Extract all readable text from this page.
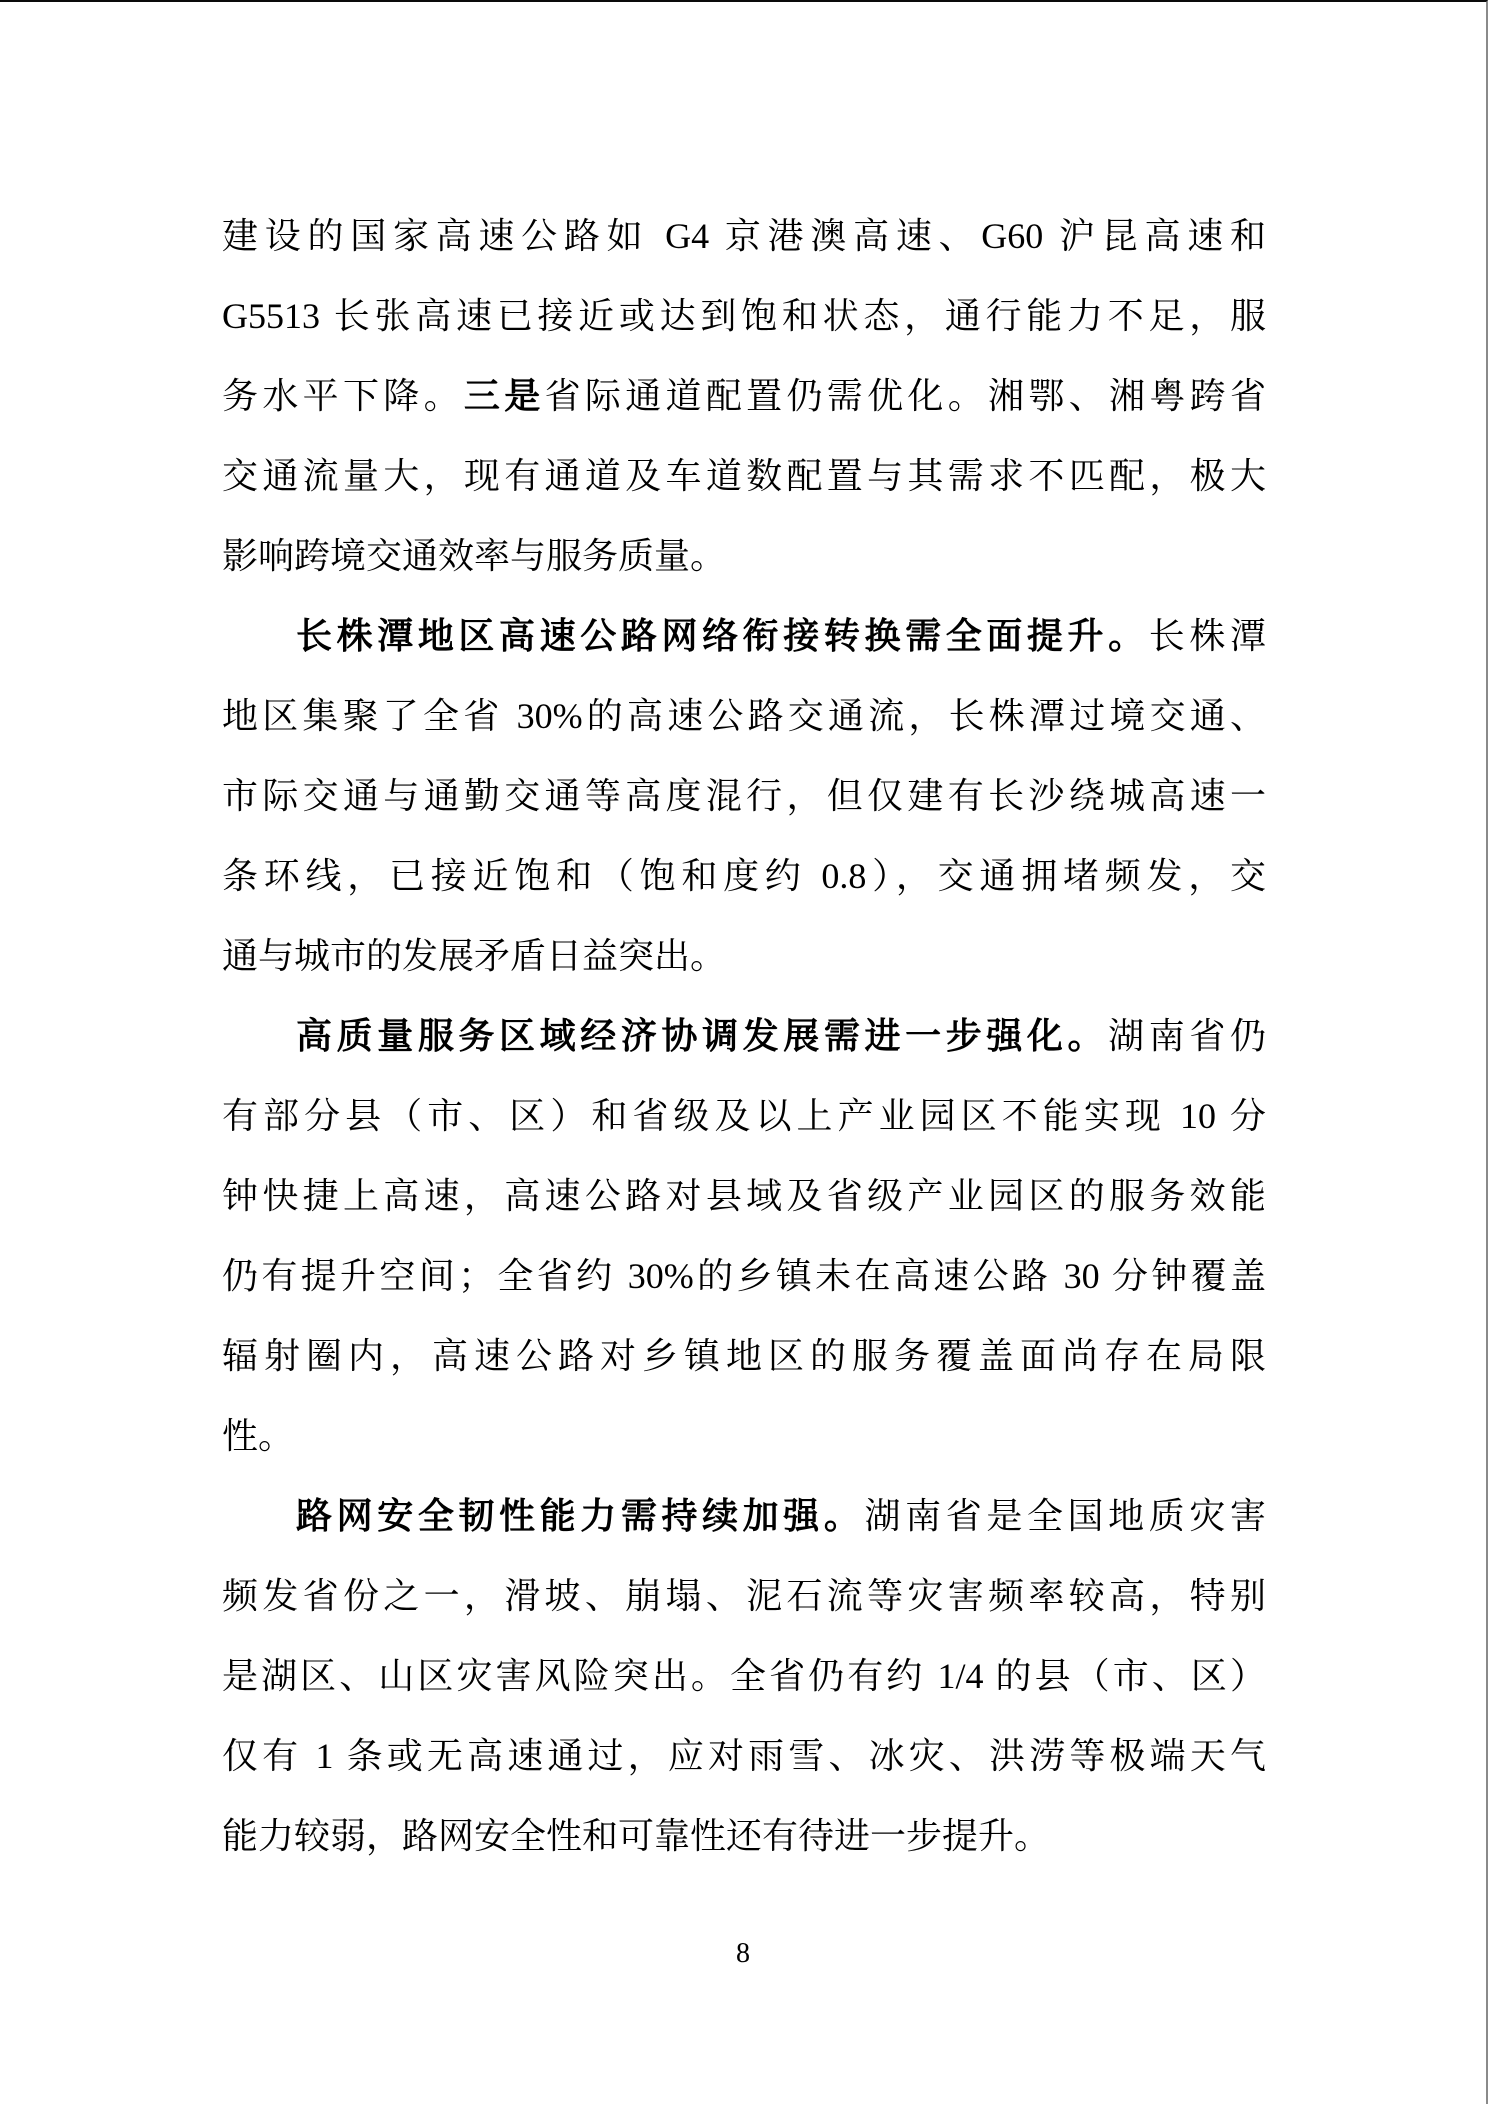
建设的国家高速公路如 G4 京港澳高速、G60 沪昆高速和
G5513 长张高速已接近或达到饱和状态，通行能力不足，服
务水平下降。三是省际通道配置仍需优化。湘鄂、湘粤跨省
交通流量大，现有通道及车道数配置与其需求不匹配，极大
影响跨境交通效率与服务质量。
长株潭地区高速公路网络衔接转换需全面提升。长株潭
地区集聚了全省 30%的高速公路交通流，长株潭过境交通、
市际交通与通勤交通等高度混行，但仅建有长沙绕城高速一
条环线，已接近饱和（饱和度约 0.8），交通拥堵频发，交
通与城市的发展矛盾日益突出。
高质量服务区域经济协调发展需进一步强化。湖南省仍
有部分县（市、区）和省级及以上产业园区不能实现 10 分
钟快捷上高速，高速公路对县域及省级产业园区的服务效能
仍有提升空间；全省约 30%的乡镇未在高速公路 30 分钟覆盖
辐射圈内，高速公路对乡镇地区的服务覆盖面尚存在局限
性。
路网安全韧性能力需持续加强。湖南省是全国地质灾害
频发省份之一，滑坡、崩塌、泥石流等灾害频率较高，特别
是湖区、山区灾害风险突出。全省仍有约 1/4 的县（市、区）
仅有 1 条或无高速通过，应对雨雪、冰灾、洪涝等极端天气
能力较弱，路网安全性和可靠性还有待进一步提升。
8
